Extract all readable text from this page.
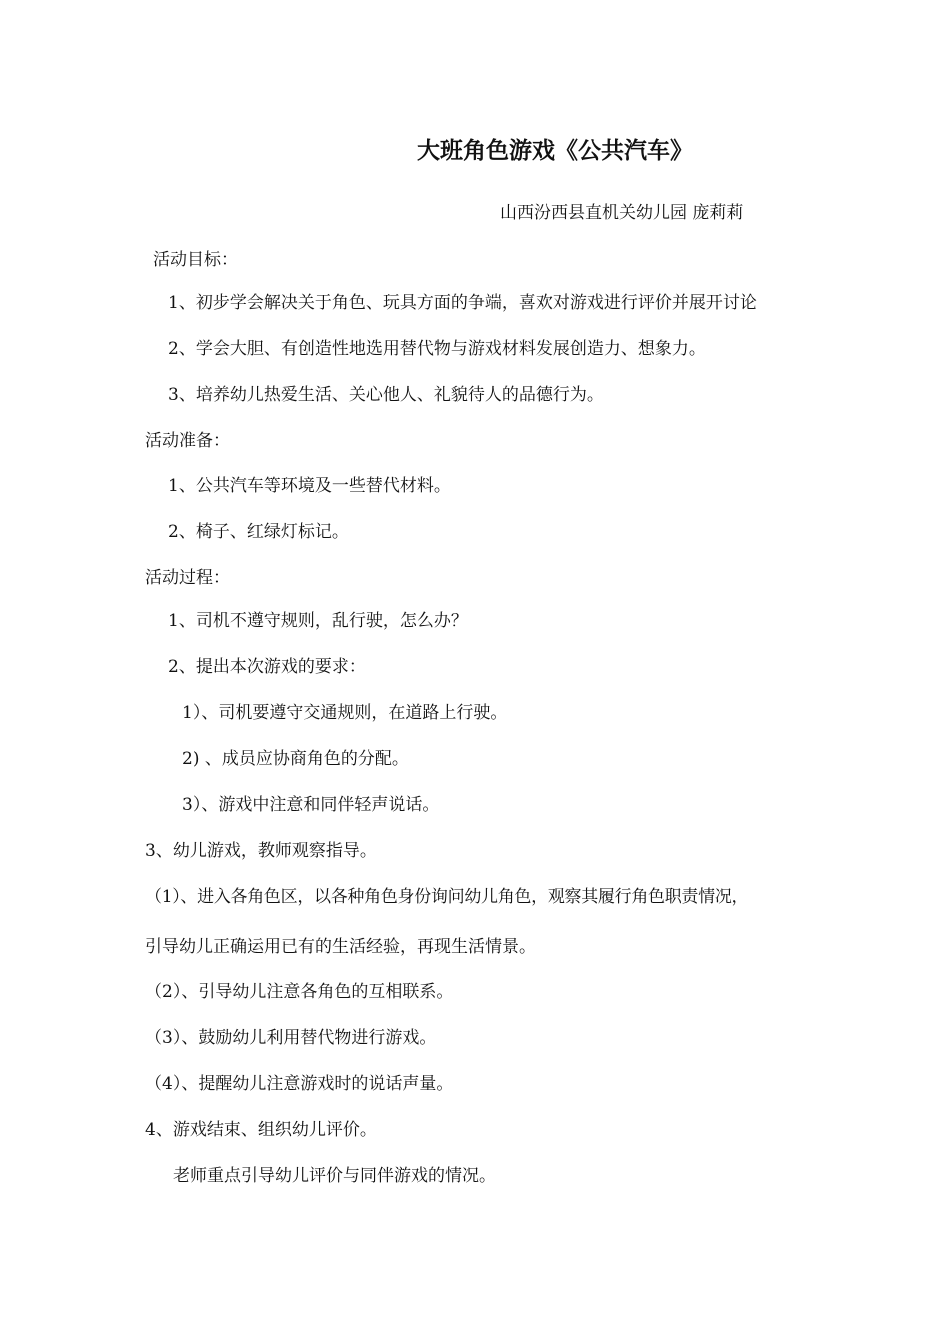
大班角色游戏《公共汽车》
山西汾西县直机关幼儿园 庞莉莉
活动目标：
1、初步学会解决关于角色、玩具方面的争端，喜欢对游戏进行评价并展开讨论
2、学会大胆、有创造性地选用替代物与游戏材料发展创造力、想象力。
3、培养幼儿热爱生活、关心他人、礼貌待人的品德行为。
活动准备：
1、公共汽车等环境及一些替代材料。
2、椅子、红绿灯标记。
活动过程：
1、司机不遵守规则，乱行驶，怎么办？
2、提出本次游戏的要求：
1）、司机要遵守交通规则，在道路上行驶。
2) 、成员应协商角色的分配。
3）、游戏中注意和同伴轻声说话。
3、幼儿游戏，教师观察指导。
（1）、进入各角色区，以各种角色身份询问幼儿角色，观察其履行角色职责情况，
引导幼儿正确运用已有的生活经验，再现生活情景。
（2）、引导幼儿注意各角色的互相联系。
（3）、鼓励幼儿利用替代物进行游戏。
（4）、提醒幼儿注意游戏时的说话声量。
4、游戏结束、组织幼儿评价。
老师重点引导幼儿评价与同伴游戏的情况。
